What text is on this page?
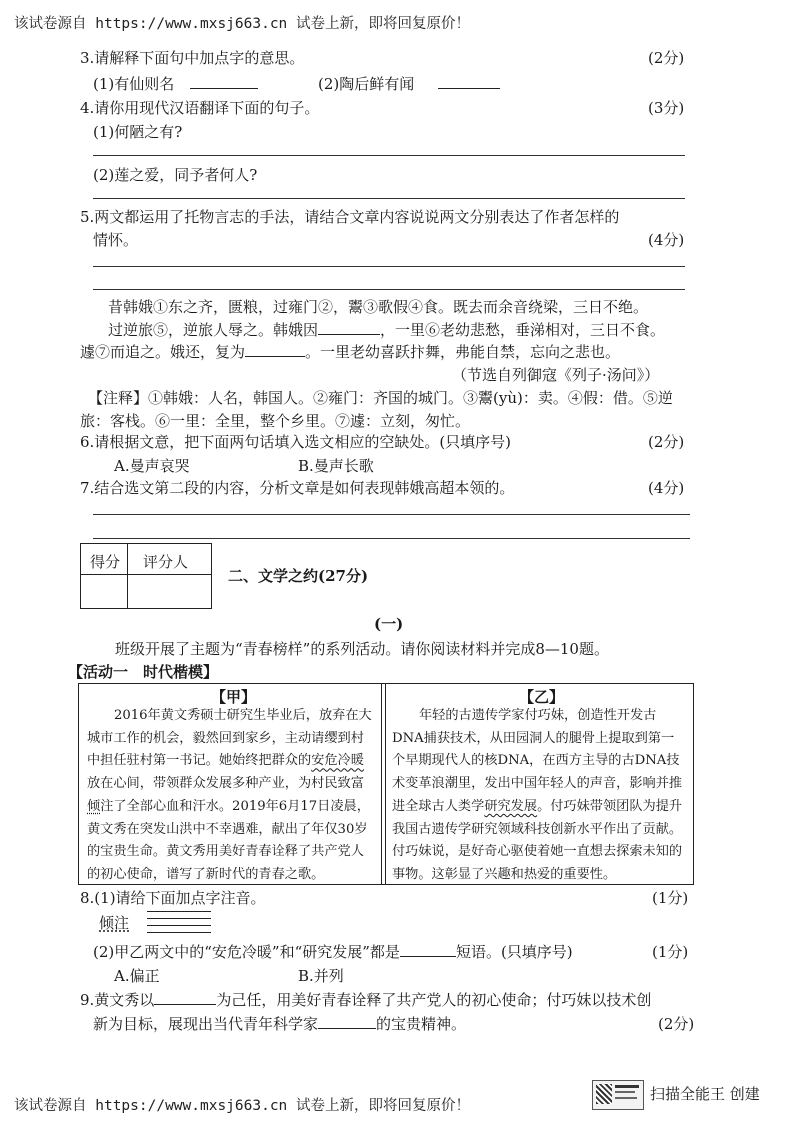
该试卷源自 https://www.mxsj663.cn 试卷上新，即将回复原价！
3.请解释下面句中加点字的意思。	(2分)
(1)有仙则名	(2)陶后鲜有闻
4.请你用现代汉语翻译下面的句子。	(3分)
(1)何陋之有?
(2)莲之爱，同予者何人?
5.两文都运用了托物言志的手法，请结合文章内容说说两文分别表达了作者怎样的
情怀。	(4分)
昔韩娥①东之齐，匮粮，过雍门②，鬻③歌假④食。既去而余音绕梁，三日不绝。
过逆旅⑤，逆旅人辱之。韩娥因	，一里⑥老幼悲愁，垂涕相对，三日不食。
遽⑦而追之。娥还，复为	。一里老幼喜跃抃舞，弗能自禁，忘向之悲也。
（节选自列御寇《列子·汤问》）
【注释】①韩娥：人名，韩国人。②雍门：齐国的城门。③鬻(yù)：卖。④假：借。⑤逆
旅：客栈。⑥一里：全里，整个乡里。⑦遽：立刻，匆忙。
6.请根据文意，把下面两句话填入选文相应的空缺处。(只填序号)	(2分)
A.曼声哀哭	B.曼声长歌
7.结合选文第二段的内容，分析文章是如何表现韩娥高超本领的。	(4分)
得分 评分人
二、文学之约(27分)
(一)
班级开展了主题为“青春榜样”的系列活动。请你阅读材料并完成8—10题。
【活动一　时代楷模】
【甲】
2016年黄文秀硕士研究生毕业后，放弃在大城市工作的机会，毅然回到家乡，主动请缨到村中担任驻村第一书记。她始终把群众的安危冷暖放在心间，带领群众发展多种产业，为村民致富倾注了全部心血和汗水。2019年6月17日凌晨，黄文秀在突发山洪中不幸遇难，献出了年仅30岁的宝贵生命。黄文秀用美好青春诠释了共产党人的初心使命，谱写了新时代的青春之歌。
【乙】
年轻的古遗传学家付巧妹，创造性开发古DNA捕获技术，从田园洞人的腿骨上提取到第一个早期现代人的核DNA，在西方主导的古DNA技术变革浪潮里，发出中国年轻人的声音，影响并推进全球古人类学研究发展。付巧妹带领团队为提升我国古遗传学研究领域科技创新水平作出了贡献。付巧妹说，是好奇心驱使着她一直想去探索未知的事物。这彰显了兴趣和热爱的重要性。
8.(1)请给下面加点字注音。	(1分)
倾注
(2)甲乙两文中的“安危冷暖”和“研究发展”都是	短语。(只填序号)	(1分)
A.偏正	B.并列
9.黄文秀以	为己任，用美好青春诠释了共产党人的初心使命；付巧妹以技术创
新为目标，展现出当代青年科学家	的宝贵精神。	(2分)
该试卷源自 https://www.mxsj663.cn 试卷上新，即将回复原价！
扫描全能王 创建
